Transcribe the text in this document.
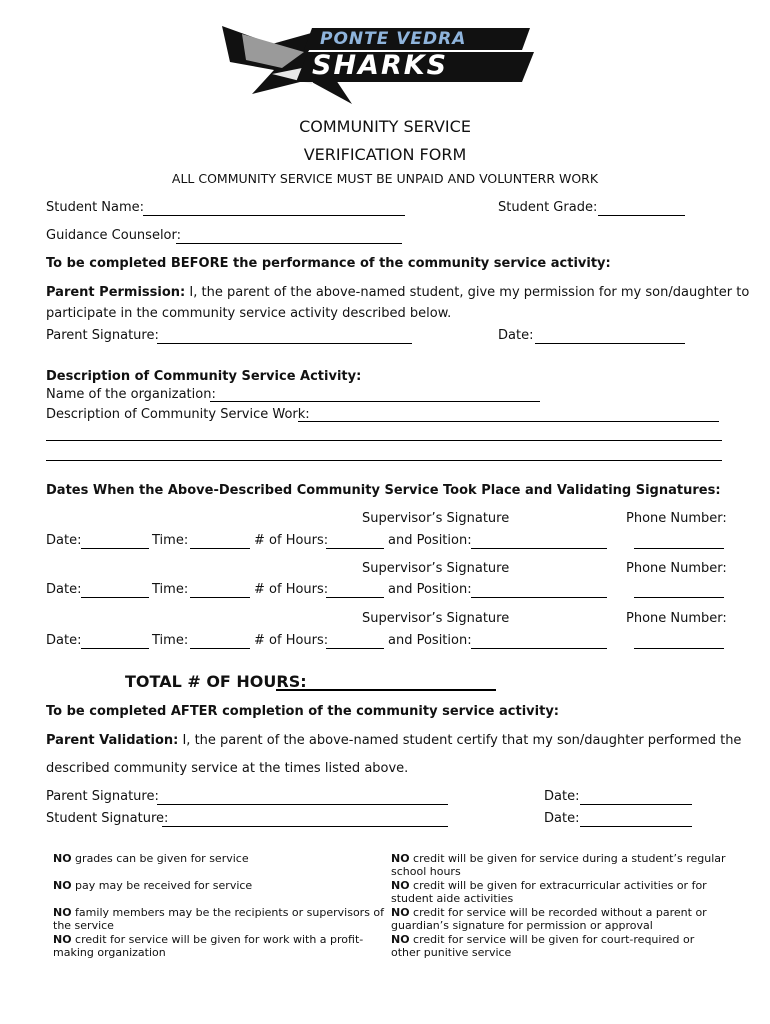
PONTE VEDRA
SHARKS
COMMUNITY SERVICE
VERIFICATION FORM
ALL COMMUNITY SERVICE MUST BE UNPAID AND VOLUNTERR WORK
Student Name:	Student Grade:
Guidance Counselor:
To be completed BEFORE the performance of the community service activity:
Parent Permission: I, the parent of the above-named student, give my permission for my son/daughter to
participate in the community service activity described below.
Parent Signature:	Date:
Description of Community Service Activity:
Name of the organization:
Description of Community Service Work:
Dates When the Above-Described Community Service Took Place and Validating Signatures:
Supervisor’s Signature	Phone Number:
Date:	Time:	# of Hours:	and Position:
Supervisor’s Signature	Phone Number:
Date:	Time:	# of Hours:	and Position:
Supervisor’s Signature	Phone Number:
Date:	Time:	# of Hours:	and Position:
TOTAL # OF HOURS:
To be completed AFTER completion of the community service activity:
Parent Validation: I, the parent of the above-named student certify that my son/daughter performed the
described community service at the times listed above.
Parent Signature:	Date:
Student Signature:	Date:
NO grades can be given for service
NO pay may be received for service
NO family members may be the recipients or supervisors of
the service
NO credit for service will be given for work with a profit-
making organization
NO credit will be given for service during a student’s regular
school hours
NO credit will be given for extracurricular activities or for
student aide activities
NO credit for service will be recorded without a parent or
guardian’s signature for permission or approval
NO credit for service will be given for court-required or
other punitive service
